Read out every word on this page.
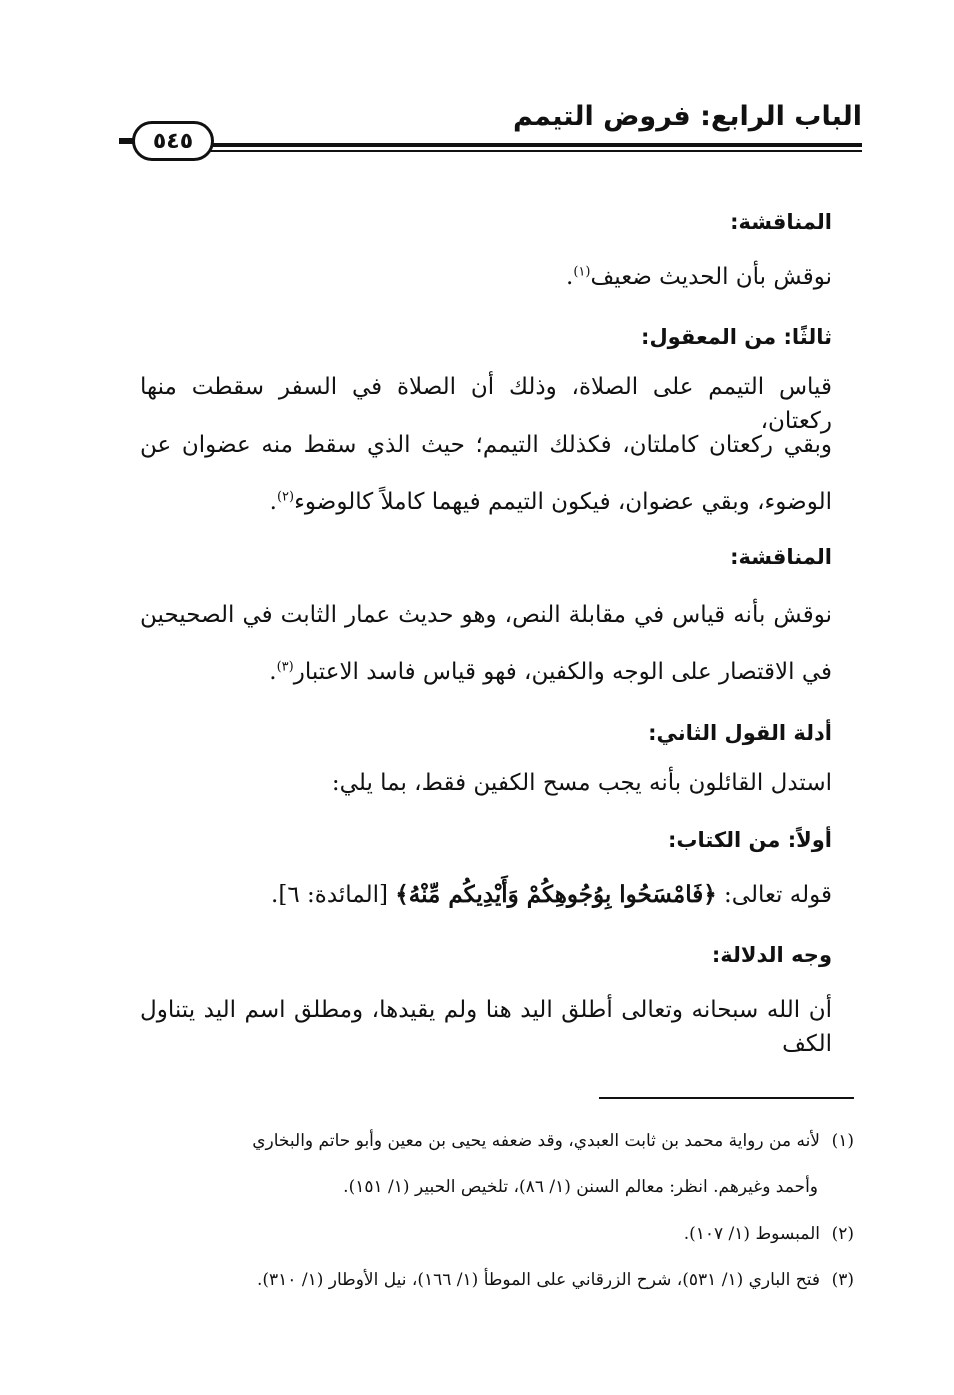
الباب الرابع: فروض التيمم
٥٤٥
المناقشة:
نوقش بأن الحديث ضعيف$^{(١)}$.
ثالثًا: من المعقول:
قياس التيمم على الصلاة، وذلك أن الصلاة في السفر سقطت منها ركعتان،
وبقي ركعتان كاملتان، فكذلك التيمم؛ حيث الذي سقط منه عضوان عن
الوضوء، وبقي عضوان، فيكون التيمم فيهما كاملاً كالوضوء$^{(٢)}$.
المناقشة:
نوقش بأنه قياس في مقابلة النص، وهو حديث عمار الثابت في الصحيحين
في الاقتصار على الوجه والكفين، فهو قياس فاسد الاعتبار$^{(٣)}$.
أدلة القول الثاني:
استدل القائلون بأنه يجب مسح الكفين فقط، بما يلي:
أولاً: من الكتاب:
قوله تعالى: ﴿فَامْسَحُوا بِوُجُوهِكُمْ وَأَيْدِيكُم مِّنْهُ﴾ [المائدة: ٦].
وجه الدلالة:
أن الله سبحانه وتعالى أطلق اليد هنا ولم يقيدها، ومطلق اسم اليد يتناول الكف
(١)لأنه من رواية محمد بن ثابت العبدي، وقد ضعفه يحيى بن معين وأبو حاتم والبخاري
وأحمد وغيرهم. انظر: معالم السنن (١/ ٨٦)، تلخيص الحبير (١/ ١٥١).
(٢)المبسوط (١/ ١٠٧).
(٣)فتح الباري (١/ ٥٣١)، شرح الزرقاني على الموطأ (١/ ١٦٦)، نيل الأوطار (١/ ٣١٠).
